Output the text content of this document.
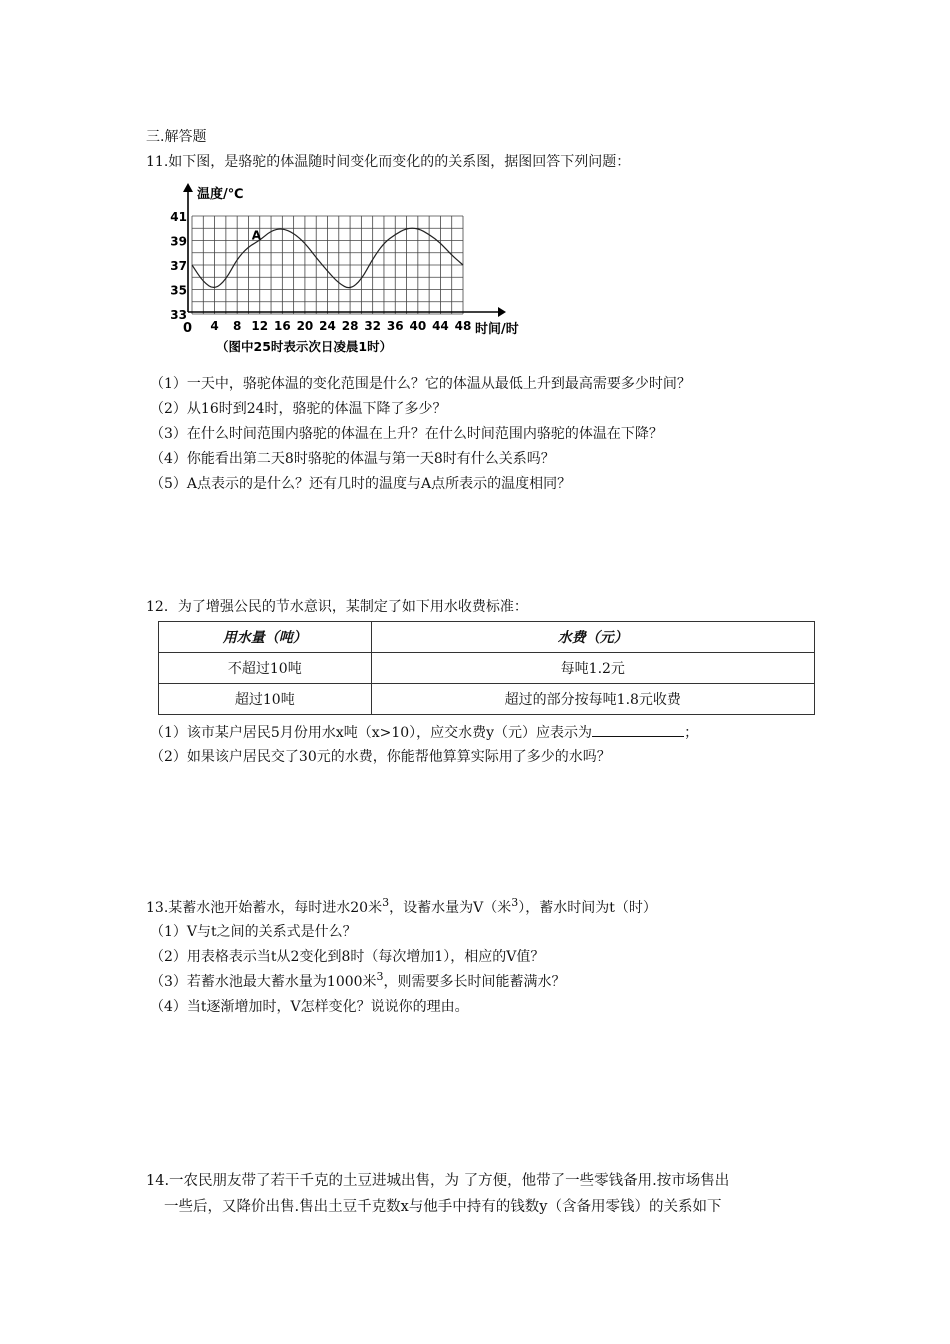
三.解答题
11.如下图，是骆驼的体温随时间变化而变化的的关系图，据图回答下列问题：
温度/℃
时间/时
0 4 8 12 16 20 24 28 32 36 40 44 48
33
35
37
39
41
A
（图中25时表示次日凌晨1时）
（1）一天中，骆驼体温的变化范围是什么？它的体温从最低上升到最高需要多少时间？
（2）从16时到24时，骆驼的体温下降了多少？
（3）在什么时间范围内骆驼的体温在上升？在什么时间范围内骆驼的体温在下降？
（4）你能看出第二天8时骆驼的体温与第一天8时有什么关系吗？
（5）A点表示的是什么？还有几时的温度与A点所表示的温度相同？
12．为了增强公民的节水意识，某制定了如下用水收费标准：
用水量（吨）	水费（元）
不超过10吨	每吨1.2元
超过10吨	超过的部分按每吨1.8元收费
（1）该市某户居民5月份用水x吨（x>10），应交水费y（元）应表示为	；
（2）如果该户居民交了30元的水费，你能帮他算算实际用了多少的水吗？
13.某蓄水池开始蓄水，每时进水20米$^3$，设蓄水量为V（米$^3$），蓄水时间为t（时）
（1）V与t之间的关系式是什么？
（2）用表格表示当t从2变化到8时（每次增加1），相应的V值？
（3）若蓄水池最大蓄水量为1000米$^3$，则需要多长时间能蓄满水？
（4）当t逐渐增加时，V怎样变化？说说你的理由。
14.一农民朋友带了若干千克的土豆进城出售，为 了方便，他带了一些零钱备用.按市场售出
一些后，又降价出售.售出土豆千克数x与他手中持有的钱数y（含备用零钱）的关系如下
